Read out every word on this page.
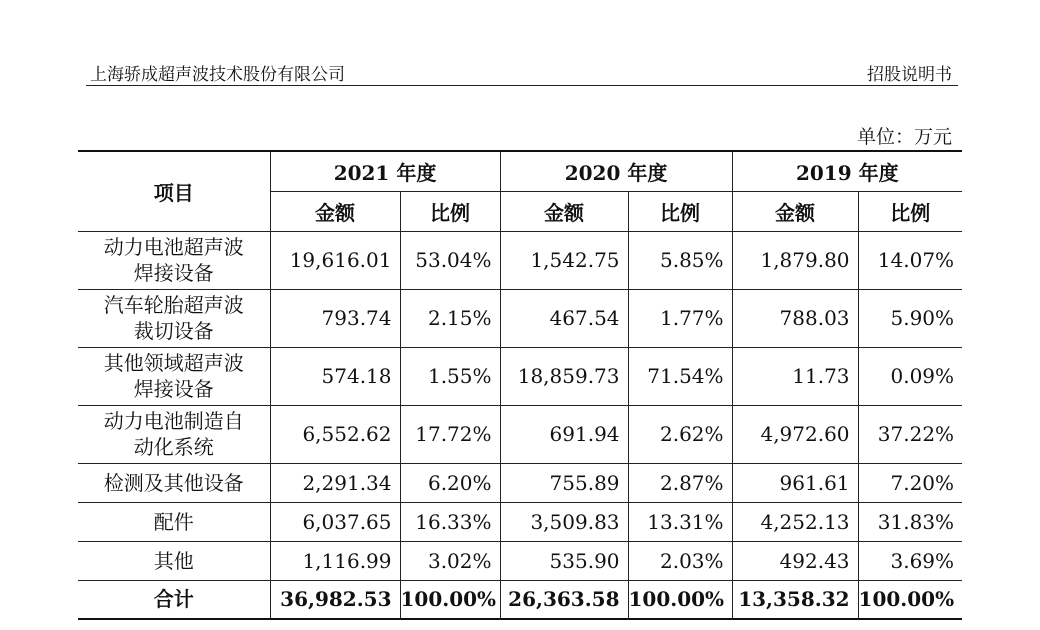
上海骄成超声波技术股份有限公司	招股说明书
单位：万元
项目	2021 年度		2020 年度		2019 年度	
	金额	比例	金额	比例	金额	比例
动力电池超声波
焊接设备	19,616.01	53.04%	1,542.75	5.85%	1,879.80	14.07%
汽车轮胎超声波
裁切设备	793.74	2.15%	467.54	1.77%	788.03	5.90%
其他领域超声波
焊接设备	574.18	1.55%	18,859.73	71.54%	11.73	0.09%
动力电池制造自
动化系统	6,552.62	17.72%	691.94	2.62%	4,972.60	37.22%
检测及其他设备	2,291.34	6.20%	755.89	2.87%	961.61	7.20%
配件	6,037.65	16.33%	3,509.83	13.31%	4,252.13	31.83%
其他	1,116.99	3.02%	535.90	2.03%	492.43	3.69%
合计	36,982.53	100.00%	26,363.58	100.00%	13,358.32	100.00%
